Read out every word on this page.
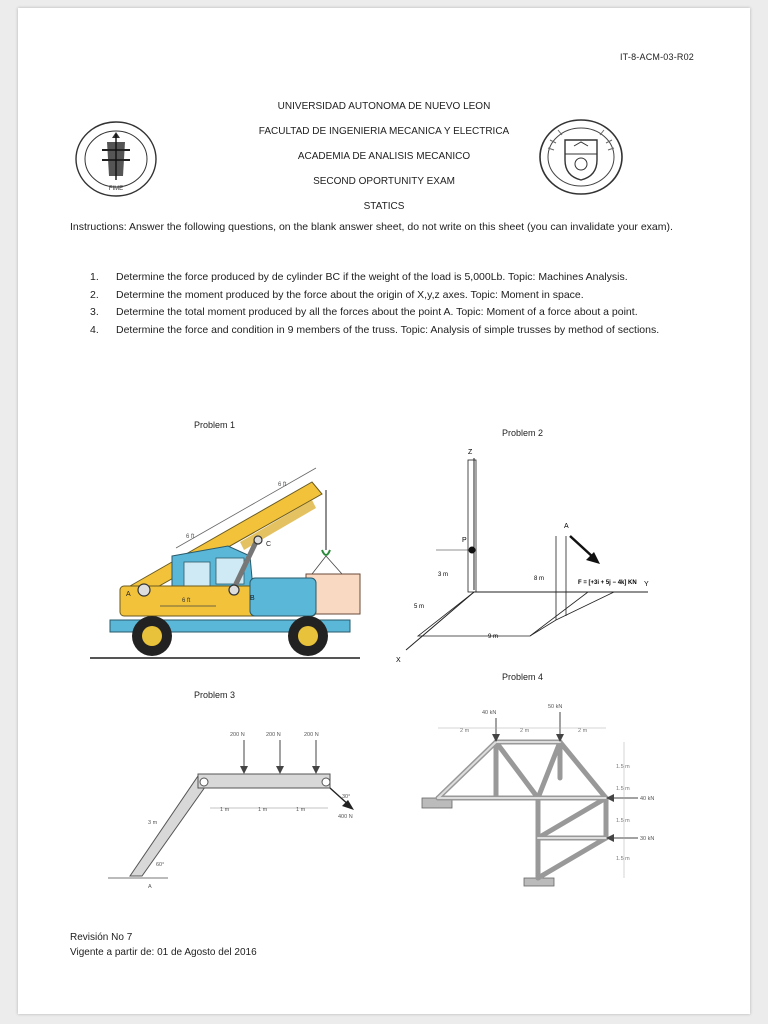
IT-8-ACM-03-R02
FIME
UNIVERSIDAD AUTONOMA DE NUEVO LEON
FACULTAD DE INGENIERIA MECANICA Y ELECTRICA
ACADEMIA DE ANALISIS MECANICO
SECOND OPORTUNITY EXAM
STATICS
Instructions: Answer the following questions, on the blank answer sheet, do not write on this sheet (you can invalidate your exam).
1. Determine the force produced by de cylinder BC if the weight of the load is 5,000Lb. Topic: Machines Analysis.
2. Determine the moment produced by the force about the origin of X,y,z axes. Topic: Moment in space.
3. Determine the total moment produced by all the forces about the point A. Topic: Moment of a force about a point.
4. Determine the force and condition in 9 members of the truss. Topic: Analysis of simple trusses by method of sections.
Problem 1
Problem 2
Problem 3
Problem 4
6 ft
6 ft
A
B
C
6 ft
Z
Y
X
P
3 m
8 m
A
F = [+3i + 5j − 4k] KN
5 m
9 m
200 N	200 N	200 N
30°
400 N
1 m	1 m	1 m
3 m
60°
A
40 kN
50 kN
40 kN
30 kN
2 m	2 m	2 m
1.5 m
1.5 m
1.5 m
1.5 m
Revisión No 7
Vigente a partir de: 01 de Agosto del 2016
